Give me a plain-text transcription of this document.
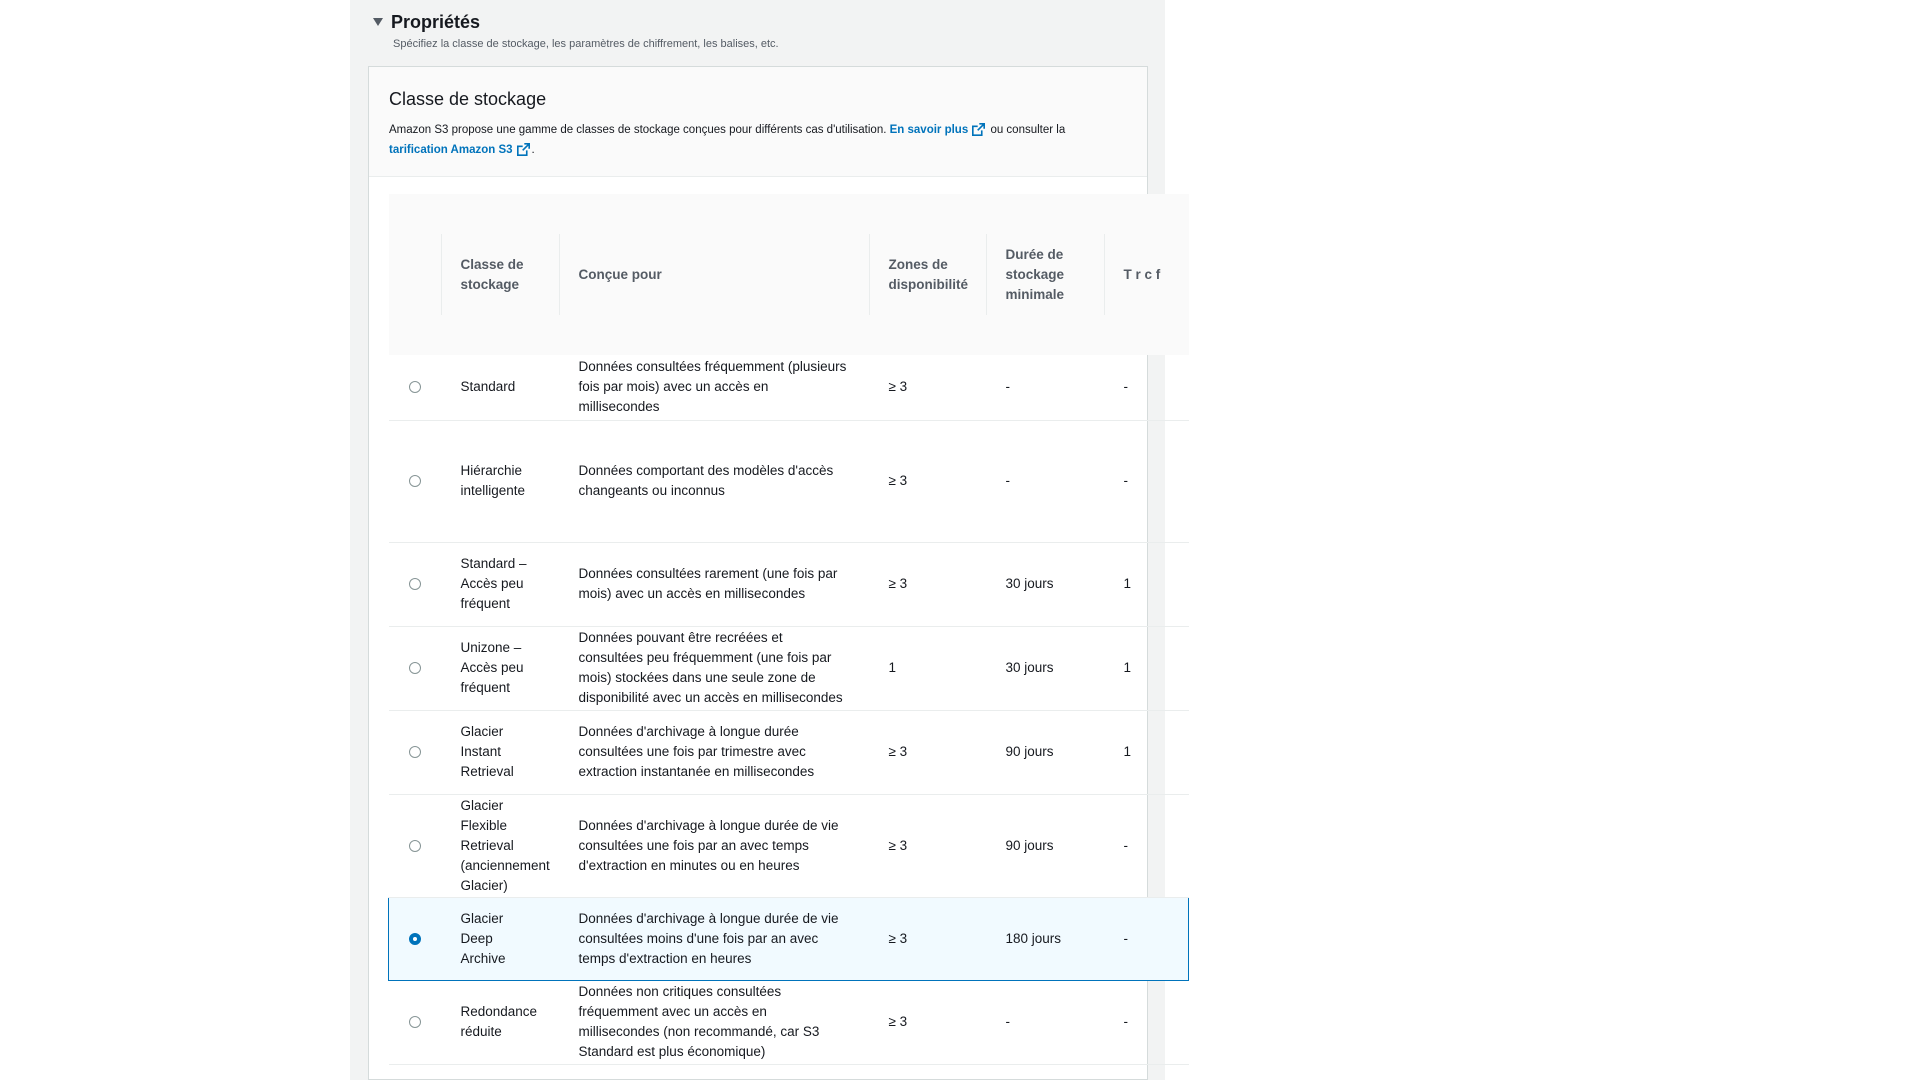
Propriétés
Spécifiez la classe de stockage, les paramètres de chiffrement, les balises, etc.
Classe de stockage
Amazon S3 propose une gamme de classes de stockage conçues pour différents cas d'utilisation. En savoir plus ou consulter la
tarification Amazon S3 .

Classe de stockage	Conçue pour	Zones de disponibilité	Durée de stockage minimale	T r c f

	Standard	Données consultées fréquemment (plusieurs fois par mois) avec un accès en millisecondes	≥ 3	-	-

	Hiérarchie intelligente	Données comportant des modèles d'accès changeants ou inconnus	≥ 3	-	-

	Standard – Accès peu fréquent	Données consultées rarement (une fois par mois) avec un accès en millisecondes	≥ 3	30 jours	1

	Unizone – Accès peu fréquent	Données pouvant être recréées et consultées peu fréquemment (une fois par mois) stockées dans une seule zone de disponibilité avec un accès en millisecondes	1	30 jours	1

	Glacier Instant Retrieval	Données d'archivage à longue durée consultées une fois par trimestre avec extraction instantanée en millisecondes	≥ 3	90 jours	1

	Glacier Flexible Retrieval (anciennement Glacier)	Données d'archivage à longue durée de vie consultées une fois par an avec temps d'extraction en minutes ou en heures	≥ 3	90 jours	-

	Glacier Deep Archive	Données d'archivage à longue durée de vie consultées moins d'une fois par an avec temps d'extraction en heures	≥ 3	180 jours	-

	Redondance réduite	Données non critiques consultées fréquemment avec un accès en millisecondes (non recommandé, car S3 Standard est plus économique)	≥ 3	-	-
